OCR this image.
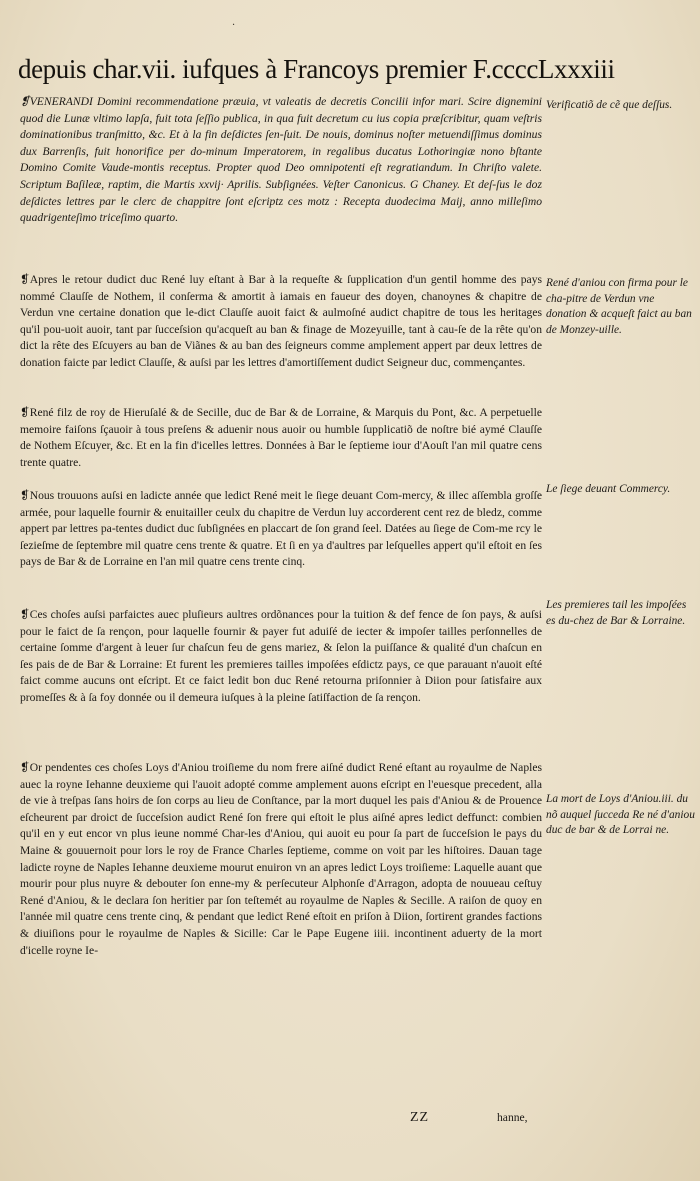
·
depuis char.vii. iufques à Francoys premier F.ccccLxxxiii

❡VENERANDI Domini recommendatione præuia, vt valeatis de decretis Concilii infor mari. Scire dignemini quod die Lunæ vltimo lapſa, fuit tota ſeſſio publica, in qua fuit decretum cu ius copia præſcribitur, quam veſtris dominationibus tranſmitto, &c. Et à la fin deſdictes ſen-ſuit. De nouis, dominus noſter metuendiſſimus dominus dux Barrenſis, fuit honorifice per do-minum Imperatorem, in regalibus ducatus Lothoringiæ nono bſtante Domino Comite Vaude-montis receptus. Propter quod Deo omnipotenti eſt regratiandum. In Chriſto valete. Scriptum Baſileæ, raptim, die Martis xxvij· Aprilis. Subſignées. Veſter Canonicus. G Chaney. Et deſ-ſus le doz deſdictes lettres par le clerc de chappitre ſont eſcriptz ces motz : Recepta duodecima Maij, anno milleſimo quadrigenteſimo triceſimo quarto.

❡Apres le retour dudict duc René luy eſtant à Bar à la requeſte & ſupplication d'un gentil homme des pays nommé Clauſſe de Nothem, il conſerma & amortit à iamais en faueur des doyen, chanoynes & chapitre de Verdun vne certaine donation que le-dict Clauſſe auoit faict & aulmoſné audict chapitre de tous les heritages qu'il pou-uoit auoir, tant par ſucceſsion qu'acqueſt au ban & finage de Mozeyuille, tant à cau-ſe de la rête qu'on dict la rête des Eſcuyers au ban de Viãnes & au ban des ſeigneurs comme amplement appert par deux lettres de donation faicte par ledict Clauſſe, & auſsi par les lettres d'amortiſſement dudict Seigneur duc, commençantes.

❡René filz de roy de Hieruſalé & de Secille, duc de Bar & de Lorraine, & Marquis du Pont, &c. A perpetuelle memoire faiſons ſçauoir à tous preſens & aduenir nous auoir ou humble ſupplicatiõ de noſtre bié aymé Clauſſe de Nothem Eſcuyer, &c. Et en la fin d'icelles lettres. Données à Bar le ſeptieme iour d'Aouſt l'an mil quatre cens trente quatre.

❡Nous trouuons auſsi en ladicte année que ledict René meit le ſiege deuant Com-mercy, & illec aſſembla groſſe armée, pour laquelle fournir & enuitailler ceulx du chapitre de Verdun luy accorderent cent rez de bledz, comme appert par lettres pa-tentes dudict duc ſubſignées en placcart de ſon grand ſeel. Datées au ſiege de Com-me rcy le ſezieſme de ſeptembre mil quatre cens trente & quatre. Et ſi en ya d'aultres par leſquelles appert qu'il eſtoit en ſes pays de Bar & de Lorraine en l'an mil quatre cens trente cinq.

❡Ces choſes auſsi parfaictes auec pluſieurs aultres ordõnances pour la tuition & def fence de ſon pays, & auſsi pour le faict de ſa rençon, pour laquelle fournir & payer fut aduiſé de iecter & impoſer tailles perſonnelles de certaine ſomme d'argent à leuer ſur chaſcun feu de gens mariez, & ſelon la puiſſance & qualité d'un chaſcun en ſes pais de de Bar & Lorraine: Et furent les premieres tailles impoſées eſdictz pays, ce que parauant n'auoit eſté faict comme aucuns ont eſcript. Et ce faict ledit bon duc René retourna priſonnier à Diion pour ſatisfaire aux promeſſes & à ſa foy donnée ou il demeura iuſques à la pleine ſatiſfaction de ſa rençon.

❡Or pendentes ces choſes Loys d'Aniou troiſieme du nom frere aiſné dudict René eſtant au royaulme de Naples auec la royne Iehanne deuxieme qui l'auoit adopté comme amplement auons eſcript en l'euesque precedent, alla de vie à treſpas ſans hoirs de ſon corps au lieu de Conſtance, par la mort duquel les pais d'Aniou & de Prouence eſcheurent par droict de ſucceſsion audict René ſon frere qui eſtoit le plus aiſné apres ledict deffunct: combien qu'il en y eut encor vn plus ieune nommé Char-les d'Aniou, qui auoit eu pour ſa part de ſucceſsion le pays du Maine & gouuernoit pour lors le roy de France Charles ſeptieme, comme on voit par les hiſtoires. Dauan tage ladicte royne de Naples Iehanne deuxieme mourut enuiron vn an apres ledict Loys troiſieme: Laquelle auant que mourir pour plus nuyre & debouter ſon enne-my & perſecuteur Alphonſe d'Arragon, adopta de nouueau ceſtuy René d'Aniou, & le declara ſon heritier par ſon teſtemét au royaulme de Naples & Secille. A raiſon de quoy en l'année mil quatre cens trente cinq, & pendant que ledict René eſtoit en priſon à Diion, ſortirent grandes factions & diuiſions pour le royaulme de Naples & Sicille: Car le Pape Eugene iiii. incontinent aduerty de la mort d'icelle royne Ie-

Verificatiõ de cẽ que deſſus.
René d'aniou con firma pour le cha-pitre de Verdun vne donation & acqueſt faict au ban de Monzey-uille.
Le ſiege deuant Commercy.
Les premieres tail les impoſées es du-chez de Bar & Lorraine.
La mort de Loys d'Aniou.iii. du nõ auquel ſucceda Re né d'aniou duc de bar & de Lorrai ne.
ZZ	hanne,
